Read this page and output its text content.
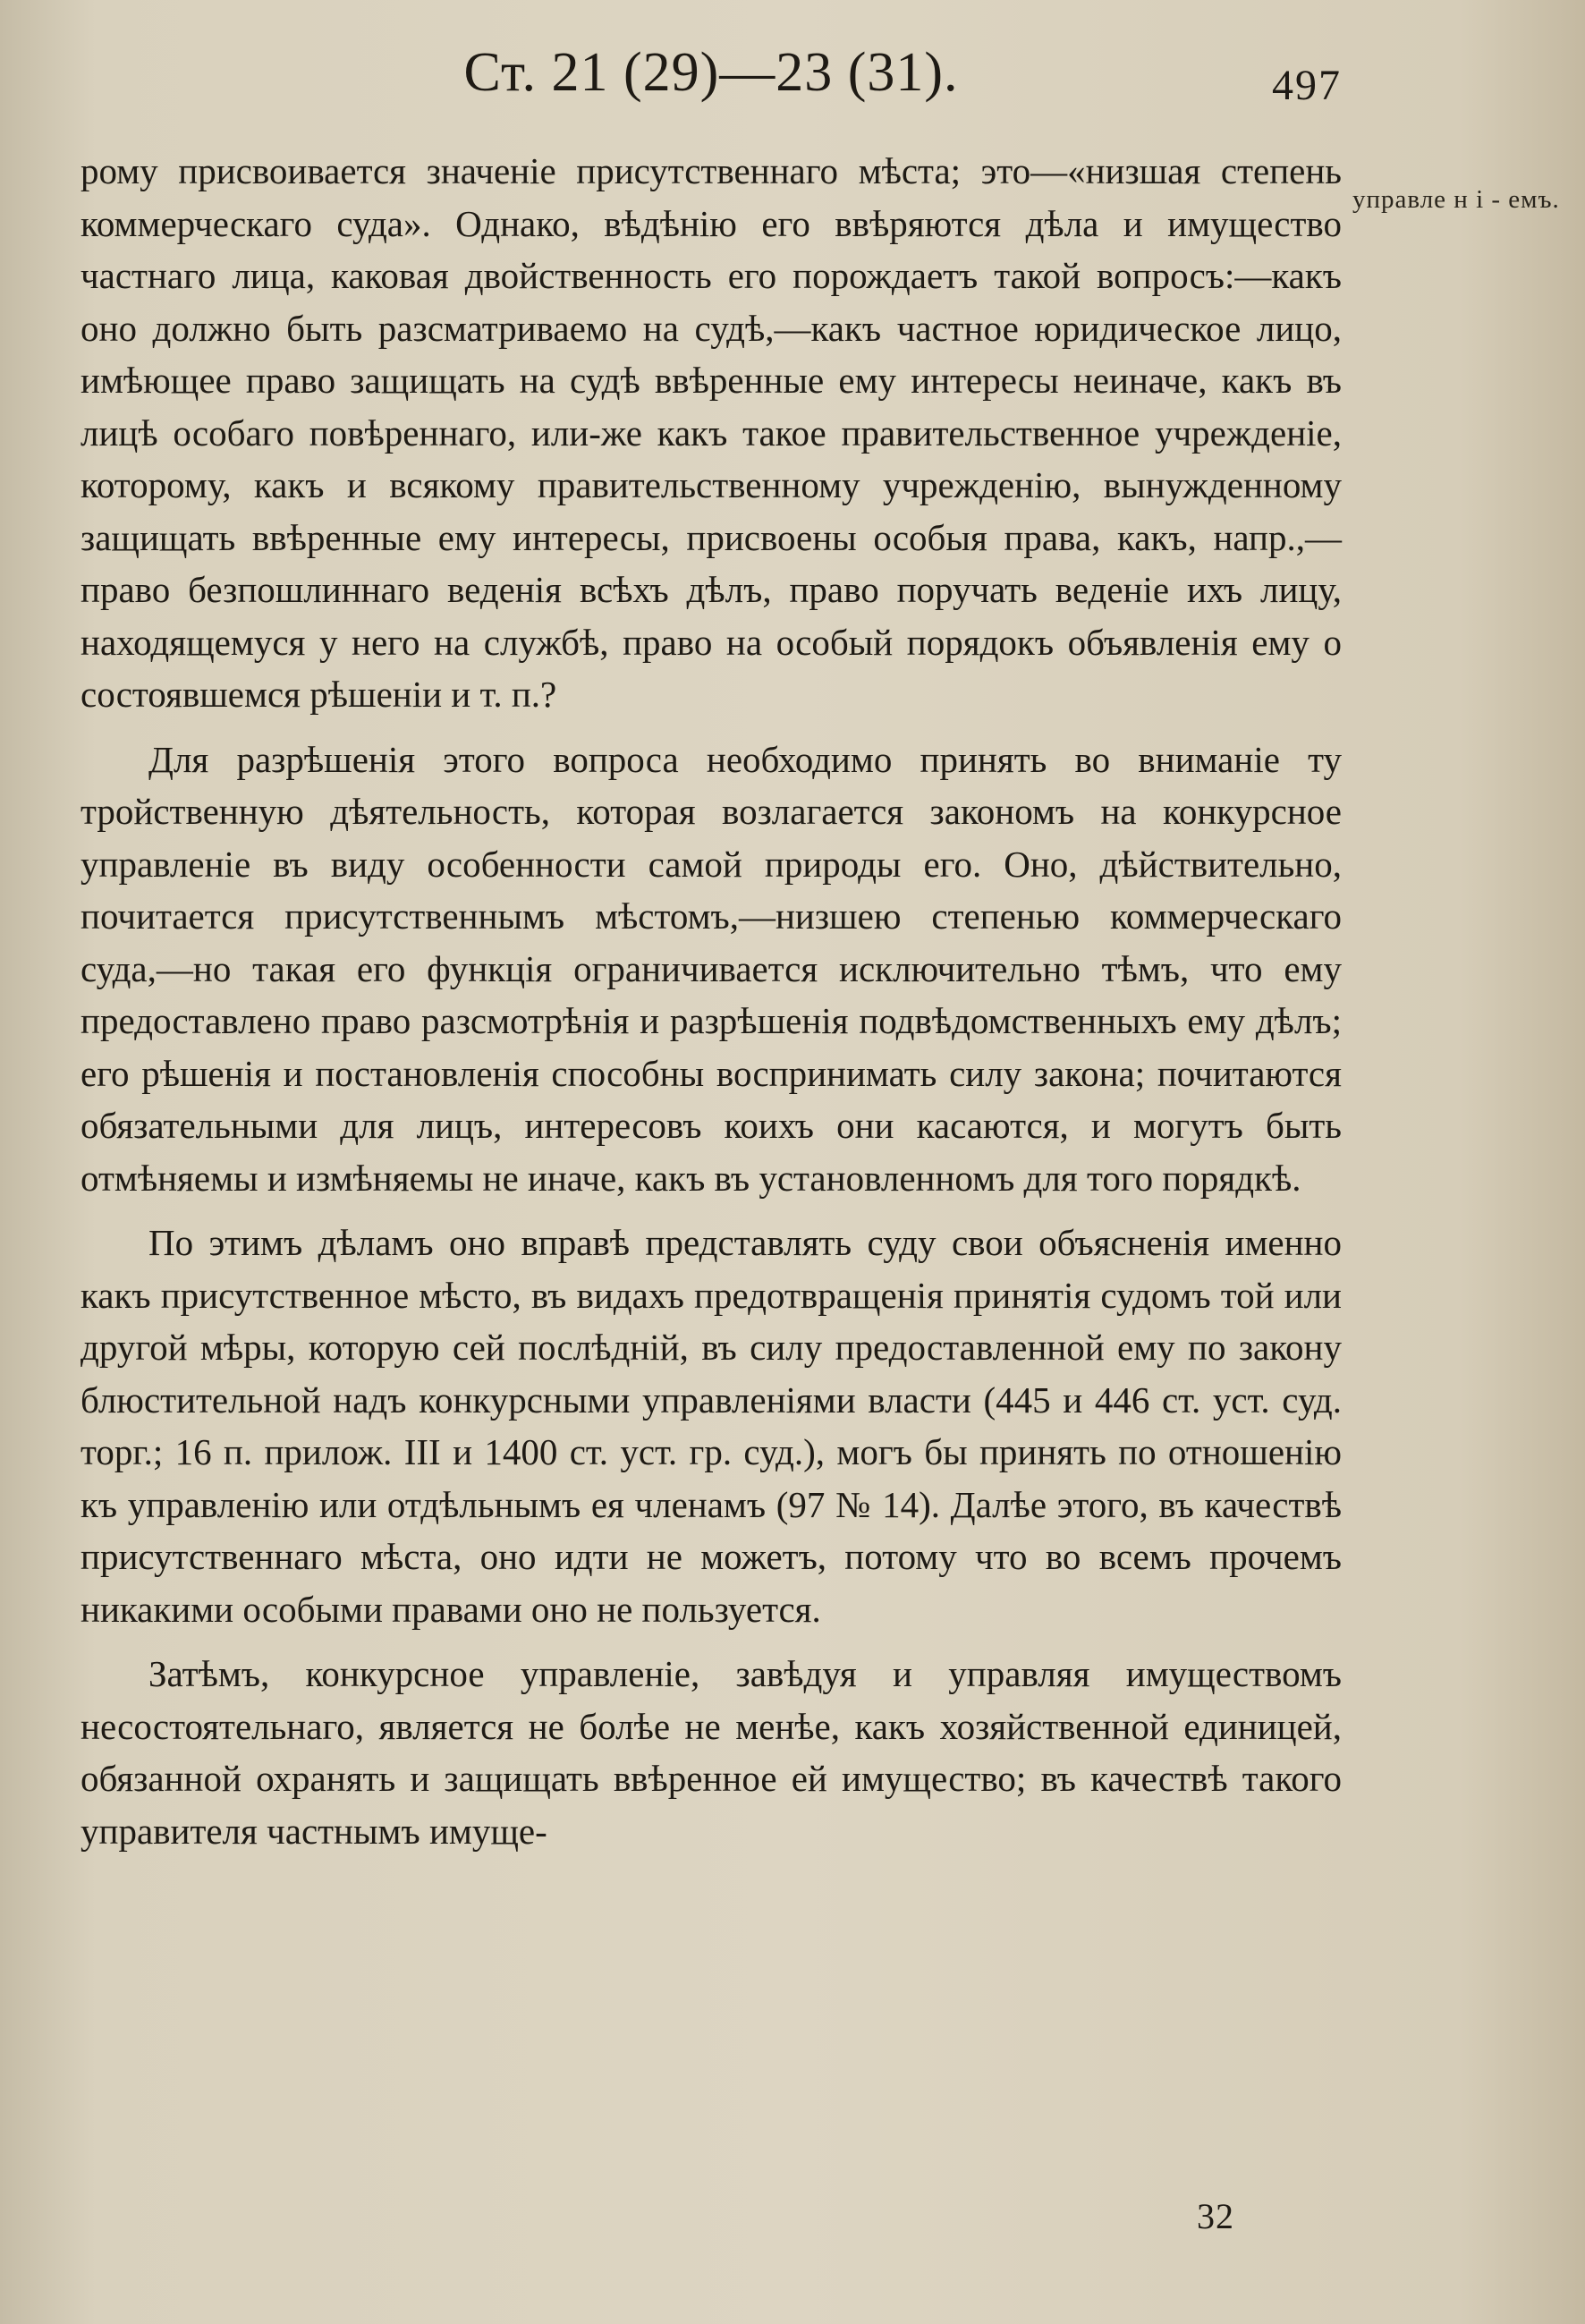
Ст. 21 (29)—23 (31).	497
управле н і - емъ.

рому присвоивается значеніе присутственнаго мѣста; это—«низшая степень коммерческаго суда». Однако, вѣдѣнію его ввѣряются дѣла и имущество частнаго лица, каковая двойственность его порождаетъ такой вопросъ:—какъ оно должно быть разсматриваемо на судѣ,—какъ частное юридическое лицо, имѣющее право защищать на судѣ ввѣренные ему интересы неиначе, какъ въ лицѣ особаго повѣреннаго, или-же какъ такое правительственное учрежденіе, которому, какъ и всякому правительственному учрежденію, вынужденному защищать ввѣренные ему интересы, присвоены особыя права, какъ, напр.,—право безпошлиннаго веденія всѣхъ дѣлъ, право поручать веденіе ихъ лицу, находящемуся у него на службѣ, право на особый порядокъ объявленія ему о состоявшемся рѣшеніи и т. п.?

Для разрѣшенія этого вопроса необходимо принять во вниманіе ту тройственную дѣятельность, которая возлагается закономъ на конкурсное управленіе въ виду особенности самой природы его. Оно, дѣйствительно, почитается присутственнымъ мѣстомъ,—низшею степенью коммерческаго суда,—но такая его функція ограничивается исключительно тѣмъ, что ему предоставлено право разсмотрѣнія и разрѣшенія подвѣдомственныхъ ему дѣлъ; его рѣшенія и постановленія способны воспринимать силу закона; почитаются обязательными для лицъ, интересовъ коихъ они касаются, и могутъ быть отмѣняемы и измѣняемы не иначе, какъ въ установленномъ для того порядкѣ.

По этимъ дѣламъ оно вправѣ представлять суду свои объясненія именно какъ присутственное мѣсто, въ видахъ предотвращенія принятія судомъ той или другой мѣры, которую сей послѣдній, въ силу предоставленной ему по закону блюстительной надъ конкурсными управленіями власти (445 и 446 ст. уст. суд. торг.; 16 п. прилож. III и 1400 ст. уст. гр. суд.), могъ бы принять по отношенію къ управленію или отдѣльнымъ ея членамъ (97 № 14). Далѣе этого, въ качествѣ присутственнаго мѣста, оно идти не можетъ, потому что во всемъ прочемъ никакими особыми правами оно не пользуется.

Затѣмъ, конкурсное управленіе, завѣдуя и управляя имуществомъ несостоятельнаго, является не болѣе не менѣе, какъ хозяйственной единицей, обязанной охранять и защищать ввѣренное ей имущество; въ качествѣ такого управителя частнымъ имуще-

32
